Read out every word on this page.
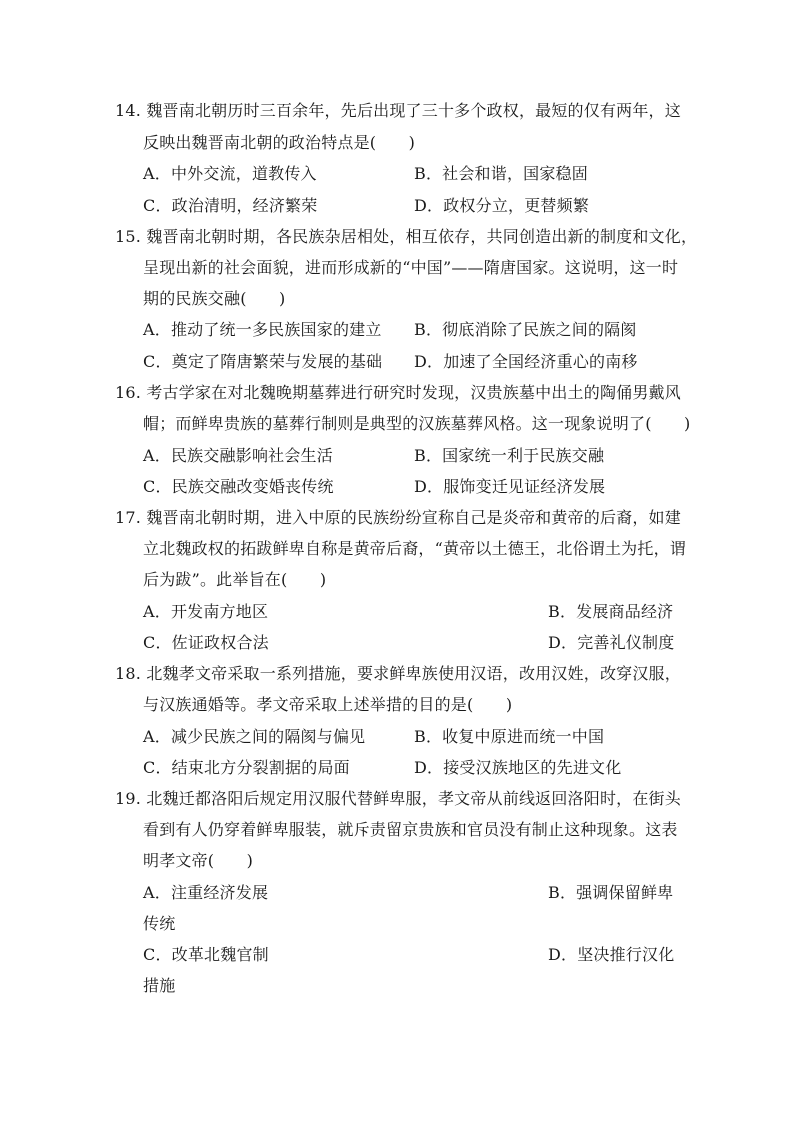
14. 魏晋南北朝历时三百余年，先后出现了三十多个政权，最短的仅有两年，这
反映出魏晋南北朝的政治特点是(　　)
A．中外交流，道教传入	B．社会和谐，国家稳固
C．政治清明，经济繁荣	D．政权分立，更替频繁
15. 魏晋南北朝时期，各民族杂居相处，相互依存，共同创造出新的制度和文化，
呈现出新的社会面貌，进而形成新的“中国”——隋唐国家。这说明，这一时
期的民族交融(　　)
A．推动了统一多民族国家的建立 B．彻底消除了民族之间的隔阂
C．奠定了隋唐繁荣与发展的基础 D．加速了全国经济重心的南移
16. 考古学家在对北魏晚期墓葬进行研究时发现，汉贵族墓中出土的陶俑男戴风
帽；而鲜卑贵族的墓葬行制则是典型的汉族墓葬风格。这一现象说明了(　　)
A．民族交融影响社会生活	B．国家统一利于民族交融
C．民族交融改变婚丧传统	D．服饰变迁见证经济发展
17. 魏晋南北朝时期，进入中原的民族纷纷宣称自己是炎帝和黄帝的后裔，如建
立北魏政权的拓跋鲜卑自称是黄帝后裔，“黄帝以土德王，北俗谓土为托，谓
后为跋”。此举旨在(　　)
A．开发南方地区	B．发展商品经济
C．佐证政权合法	D．完善礼仪制度
18. 北魏孝文帝采取一系列措施，要求鲜卑族使用汉语，改用汉姓，改穿汉服，
与汉族通婚等。孝文帝采取上述举措的目的是(　　)
A．减少民族之间的隔阂与偏见	B．收复中原进而统一中国
C．结束北方分裂割据的局面	D．接受汉族地区的先进文化
19. 北魏迁都洛阳后规定用汉服代替鲜卑服，孝文帝从前线返回洛阳时，在街头
看到有人仍穿着鲜卑服装，就斥责留京贵族和官员没有制止这种现象。这表
明孝文帝(　　)
A．注重经济发展	B．强调保留鲜卑
传统
C．改革北魏官制	D．坚决推行汉化
措施
